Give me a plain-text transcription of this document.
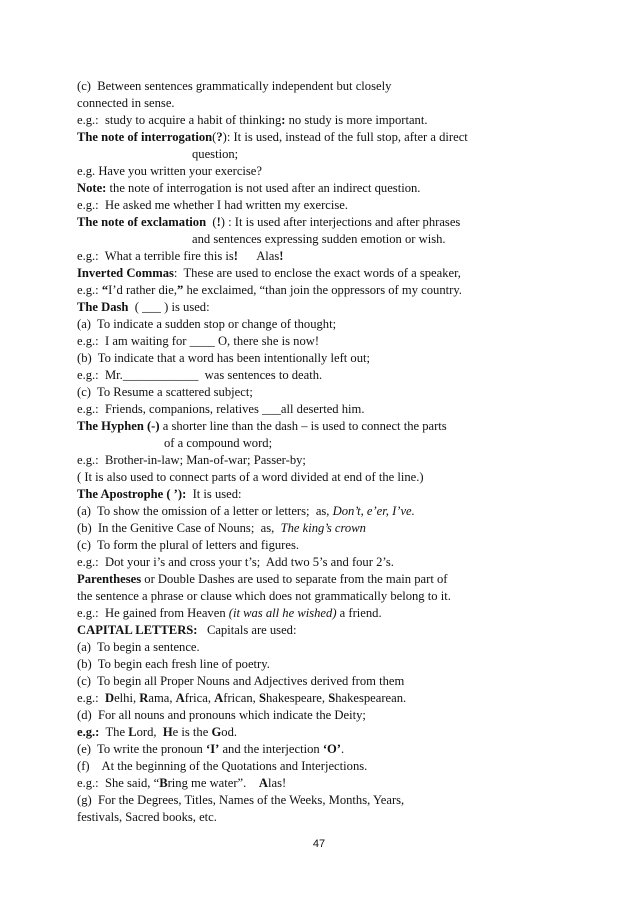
(c)  Between sentences grammatically independent but closely
connected in sense.
e.g.:  study to acquire a habit of thinking: no study is more important.
The note of interrogation(?): It is used, instead of the full stop, after a direct
question;
e.g. Have you written your exercise?
Note: the note of interrogation is not used after an indirect question.
e.g.:  He asked me whether I had written my exercise.
The note of exclamation  (!) : It is used after interjections and after phrases
and sentences expressing sudden emotion or wish.
e.g.:  What a terrible fire this is!      Alas!
Inverted Commas:  These are used to enclose the exact words of a speaker,
e.g.: “I’d rather die,” he exclaimed, “than join the oppressors of my country.
The Dash  ( ___ ) is used:
(a)  To indicate a sudden stop or change of thought;
e.g.:  I am waiting for ____ O, there she is now!
(b)  To indicate that a word has been intentionally left out;
e.g.:  Mr.____________  was sentences to death.
(c)  To Resume a scattered subject;
e.g.:  Friends, companions, relatives ___all deserted him.
The Hyphen (-) a shorter line than the dash – is used to connect the parts
of a compound word;
e.g.:  Brother-in-law; Man-of-war; Passer-by;
( It is also used to connect parts of a word divided at end of the line.)
The Apostrophe ( ’):  It is used:
(a)  To show the omission of a letter or letters;  as, Don’t, e’er, I’ve.
(b)  In the Genitive Case of Nouns;  as,  The king’s crown
(c)  To form the plural of letters and figures.
e.g.:  Dot your i’s and cross your t’s;  Add two 5’s and four 2’s.
Parentheses or Double Dashes are used to separate from the main part of
the sentence a phrase or clause which does not grammatically belong to it.
e.g.:  He gained from Heaven (it was all he wished) a friend.
CAPITAL LETTERS:   Capitals are used:
(a)  To begin a sentence.
(b)  To begin each fresh line of poetry.
(c)  To begin all Proper Nouns and Adjectives derived from them
e.g.:  Delhi, Rama, Africa, African, Shakespeare, Shakespearean.
(d)  For all nouns and pronouns which indicate the Deity;
e.g.:  The Lord,  He is the God.
(e)  To write the pronoun ‘I’ and the interjection ‘O’.
(f)    At the beginning of the Quotations and Interjections.
e.g.:  She said, “Bring me water”.    Alas!
(g)  For the Degrees, Titles, Names of the Weeks, Months, Years,
festivals, Sacred books, etc.
47
